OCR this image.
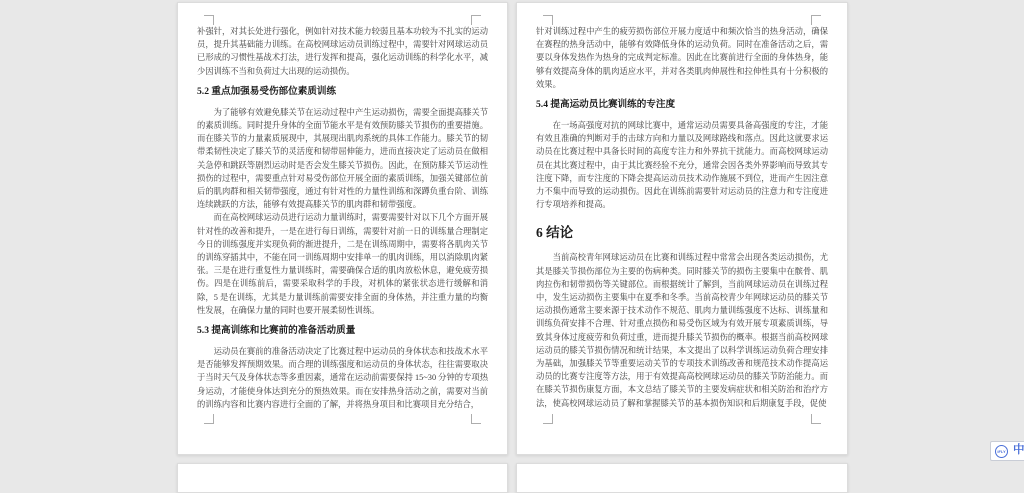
补强针，对其长处进行强化，例如针对技术能力较弱且基本功较为不扎实的运动员，提升其基础能力训练。在高校网球运动员训练过程中，需要针对网球运动员已形成的习惯性基战术打法，进行发挥和提高，强化运动训练的科学化水平，减少因训练不当和负荷过大出现的运动损伤。

5.2 重点加强易受伤部位素质训练

为了能够有效避免膝关节在运动过程中产生运动损伤，需要全面提高膝关节的素质训练。同时提升身体的全面节能水平是有效预防膝关节损伤的重要措施。而在膝关节的力量素质展现中，其展现出肌肉系统的具体工作能力。膝关节的韧带柔韧性决定了膝关节的灵活度和韧带屈伸能力，进而直接决定了运动员在做相关急停和跳跃等剧烈运动时是否会发生膝关节损伤。因此，在预防膝关节运动性损伤的过程中，需要重点针对易受伤部位开展全面的素质训练，加强关键部位前后的肌肉群和相关韧带强度，通过有针对性的力量性训练和深蹲负重台阶、训练连续跳跃的方法，能够有效提高膝关节的肌肉群和韧带强度。

而在高校网球运动员进行运动力量训练时，需要需要针对以下几个方面开展针对性的改善和提升，一是在进行每日训练，需要针对前一日的训练量合理制定今日的训练强度并实现负荷的渐进提升，二是在训练周期中，需要将各肌肉关节的训练穿插其中，不能在同一训练周期中安排单一的肌肉训练，用以消除肌肉紧张。三是在进行重复性力量训练时，需要确保合适的肌肉放松休息，避免疲劳损伤。四是在训练前后，需要采取科学的手段，对机体的紧张状态进行缓解和消除，5 是在训练，尤其是力量训练前需要安排全面的身体热，并注重力量的均衡性发展，在确保力量的同时也要开展柔韧性训练。

5.3 提高训练和比赛前的准备活动质量

运动员在赛前的准备活动决定了比赛过程中运动员的身体状态和技战术水平是否能够发挥预期效果。而合理的训练强度和运动员的身体状态，往往需要取决于当时天气及身体状态等多重因素，通常在运动前需要保持 15~30 分钟的专项热身运动，才能使身体达到充分的预热效果。而在安排热身活动之前，需要对当前的训练内容和比赛内容进行全面的了解，并将热身项目和比赛项目充分结合，

针对训练过程中产生的疲劳损伤部位开展力度适中和频次恰当的热身活动，确保在赛程的热身活动中，能够有效降低身体的运动负荷。同时在准备活动之后，需要以身体发热作为热身的完成判定标准。因此在比赛前进行全面的身体热身，能够有效提高身体的肌肉适应水平，并对各类肌肉伸展性和拉伸性具有十分积极的效果。

5.4 提高运动员比赛训练的专注度

在一场高强度对抗的网球比赛中，通常运动员需要具备高强度的专注，才能有效且准确的判断对手的击球方向和力量以及网球路线和落点。因此这就要求运动员在比赛过程中具备长时间的高度专注力和外界抗干扰能力。而高校网球运动员在其比赛过程中，由于其比赛经验不充分，通常会因各类外界影响而导致其专注度下降，而专注度的下降会提高运动员技术动作施展不到位，进而产生因注意力不集中而导致的运动损伤。因此在训练前需要针对运动员的注意力和专注度进行专项培养和提高。

6 结论

当前高校青年网球运动员在比赛和训练过程中常常会出现各类运动损伤，尤其是膝关节损伤部位为主要的伤病种类。同时膝关节的损伤主要集中在髌骨、肌肉拉伤和韧带损伤等关键部位。而根据统计了解到，当前网球运动员在训练过程中，发生运动损伤主要集中在夏季和冬季。当前高校青少年网球运动员的膝关节运动损伤通常主要来源于技术动作不规范、肌肉力量训练强度不达标、训练量和训练负荷安排不合理、针对重点损伤和易受伤区域为有效开展专项素质训练，导致其身体过度疲劳和负荷过重，进而提升膝关节损伤的概率。根据当前高校网球运动员的膝关节损伤情况和统计结果，本文提出了以科学训练运动负荷合理安排为基础，加强膝关节等重要运动关节的专项技术训练改善和规范技术动作提高运动员的比赛专注度等方法，用于有效提高高校网球运动员的膝关节防治能力。而在膝关节损伤康复方面，本文总结了膝关节的主要发病症状和相关防治和治疗方法，使高校网球运动员了解和掌握膝关节的基本损伤知识和后期康复手段，促使

iFLY 中
